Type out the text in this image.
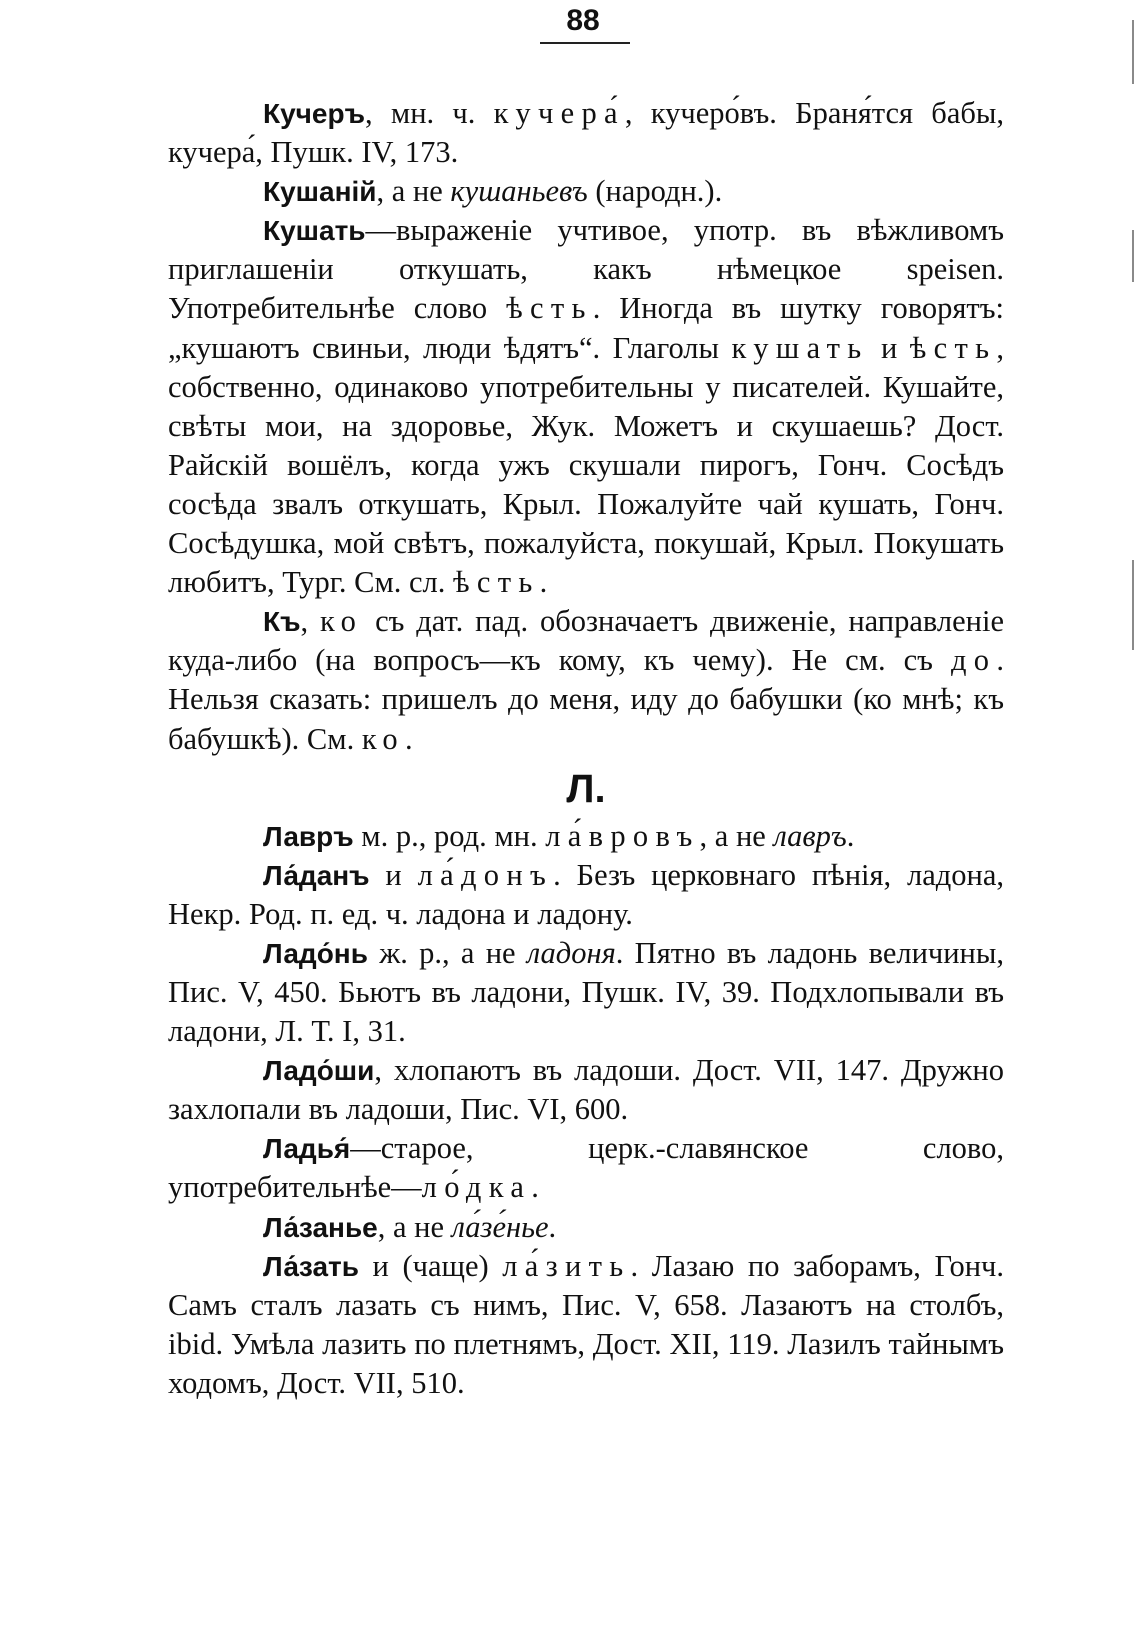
88

Кучеръ, мн. ч. кучера́, кучеро́въ. Браня́тся бабы, кучера́, Пушк. IV, 173.

Кушаній, а не кушаньевъ (народн.).

Кушать—выраженіе учтивое, употр. въ вѣжливомъ приглашеніи откушать, какъ нѣмецкое speisen. Употребительнѣе слово ѣсть. Иногда въ шутку говорятъ: „кушаютъ свиньи, люди ѣдятъ“. Глаголы кушать и ѣсть, собственно, одинаково употребительны у писателей. Кушайте, свѣты мои, на здоровье, Жук. Можетъ и скушаешь? Дост. Райскій вошёлъ, когда ужъ скушали пирогъ, Гонч. Сосѣдъ сосѣда звалъ откушать, Крыл. Пожалуйте чай кушать, Гонч. Сосѣдушка, мой свѣтъ, пожалуйста, покушай, Крыл. Покушать любитъ, Тург. См. сл. ѣсть.

Къ, ко съ дат. пад. обозначаетъ движеніе, направленіе куда-либо (на вопросъ—къ кому, къ чему). Не см. съ до. Нельзя сказать: пришелъ до меня, иду до бабушки (ко мнѣ; къ бабушкѣ). См. ко.

Л.

Лавръ м. р., род. мн. ла́вровъ, а не лавръ.

Ла́данъ и ла́донъ. Безъ церковнаго пѣнія, ладона, Некр. Род. п. ед. ч. ладона и ладону.

Ладо́нь ж. р., а не ладоня. Пятно въ ладонь величины, Пис. V, 450. Бьютъ въ ладони, Пушк. IV, 39. Подхлопывали въ ладони, Л. Т. I, 31.

Ладо́ши, хлопаютъ въ ладоши. Дост. VII, 147. Дружно захлопали въ ладоши, Пис. VI, 600.

Ладья́—старое, церк.-славянское слово, употребительнѣе—ло́дка.

Ла́занье, а не ла́зе́нье.

Ла́зать и (чаще) ла́зить. Лазаю по заборамъ, Гонч. Самъ сталъ лазать съ нимъ, Пис. V, 658. Лазаютъ на столбъ, ibid. Умѣла лазить по плетнямъ, Дост. XII, 119. Лазилъ тайнымъ ходомъ, Дост. VII, 510.
